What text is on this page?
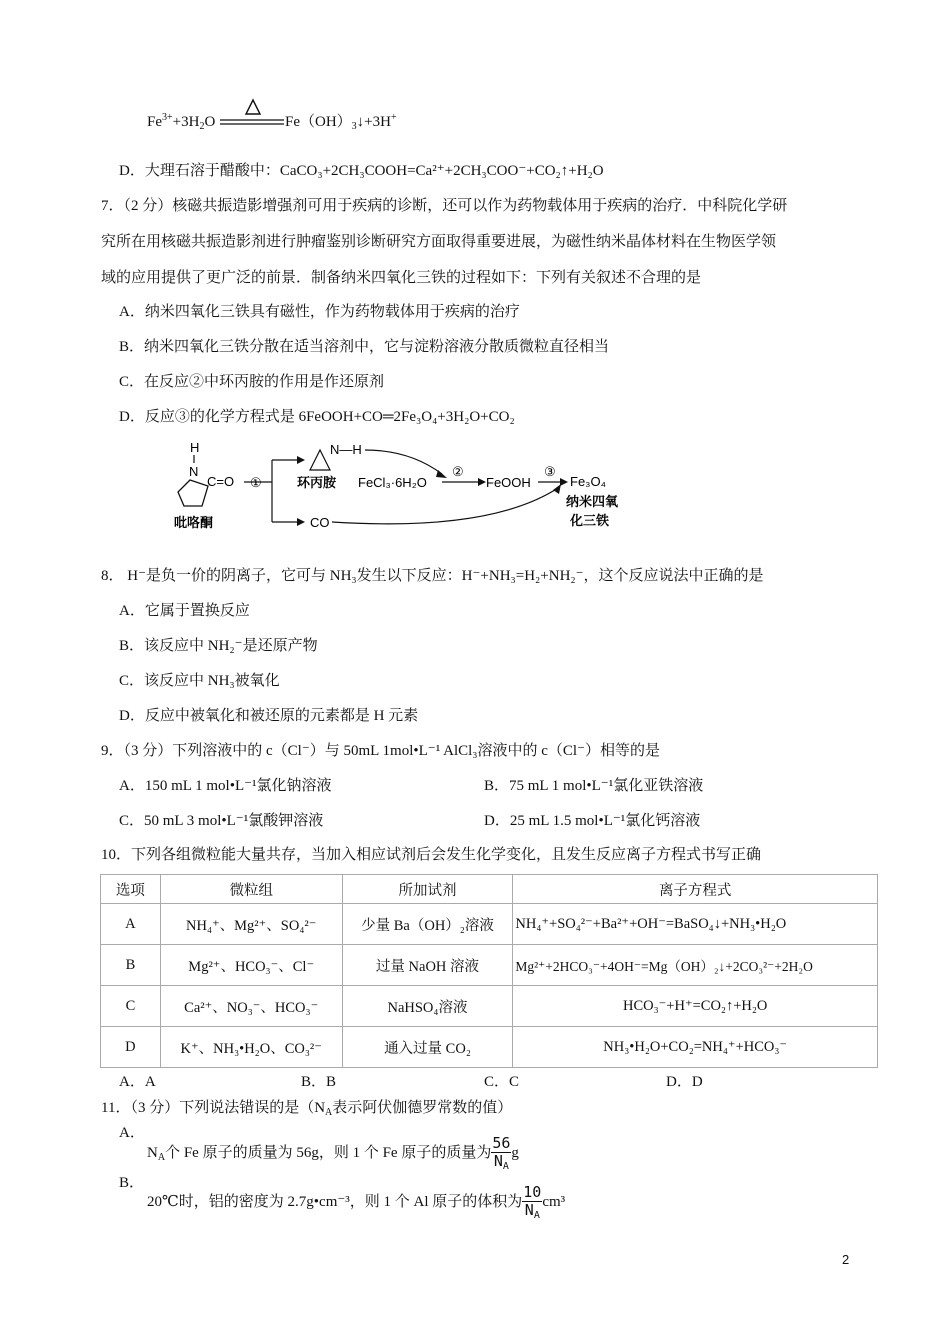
$Fe^{3+}+3H_2O$	$Fe(OH)_3↓+3H^+$
D．大理石溶于醋酸中：CaCO₃+2CH₃COOH=Ca²⁺+2CH₃COO⁻+CO₂↑+H₂O
7．（2 分）核磁共振造影增强剂可用于疾病的诊断，还可以作为药物载体用于疾病的治疗．中科院化学研
究所在用核磁共振造影剂进行肿瘤鉴别诊断研究方面取得重要进展，为磁性纳米晶体材料在生物医学领
域的应用提供了更广泛的前景．制备纳米四氧化三铁的过程如下：下列有关叙述不合理的是
A．纳米四氧化三铁具有磁性，作为药物载体用于疾病的治疗
B．纳米四氧化三铁分散在适当溶剂中，它与淀粉溶液分散质微粒直径相当
C．在反应②中环丙胺的作用是作还原剂
D．反应③的化学方程式是 6FeOOH+CO═2Fe₃O₄+3H₂O+CO₂
H
N
C=O
吡咯酮
①
N—H
环丙胺 FeCl₃·6H₂O
②
FeOOH
③
Fe₃O₄
纳米四氧
化三铁
CO
8． H⁻是负一价的阴离子，它可与 NH₃发生以下反应：H⁻+NH₃=H₂+NH₂⁻，这个反应说法中正确的是
A．它属于置换反应
B．该反应中 NH₂⁻是还原产物
C．该反应中 NH₃被氧化
D．反应中被氧化和被还原的元素都是 H 元素
9．（3 分）下列溶液中的 c（Cl⁻）与 50mL 1mol•L⁻¹ AlCl₃溶液中的 c（Cl⁻）相等的是
A．150 mL 1 mol•L⁻¹氯化钠溶液	B．75 mL 1 mol•L⁻¹氯化亚铁溶液
C．50 mL 3 mol•L⁻¹氯酸钾溶液	D．25 mL 1.5 mol•L⁻¹氯化钙溶液
10．下列各组微粒能大量共存，当加入相应试剂后会发生化学变化，且发生反应离子方程式书写正确
选项	微粒组	所加试剂	离子方程式
A	NH₄⁺、Mg²⁺、SO₄²⁻	少量 Ba（OH）₂溶液	NH₄⁺+SO₄²⁻+Ba²⁺+OH⁻=BaSO₄↓+NH₃•H₂O
B	Mg²⁺、HCO₃⁻、Cl⁻	过量 NaOH 溶液	Mg²⁺+2HCO₃⁻+4OH⁻=Mg（OH）₂↓+2CO₃²⁻+2H₂O
C	Ca²⁺、NO₃⁻、HCO₃⁻	NaHSO₄溶液	HCO₃⁻+H⁺=CO₂↑+H₂O
D	K⁺、NH₃•H₂O、CO₃²⁻	通入过量 CO₂	NH₃•H₂O+CO₂=NH₄⁺+HCO₃⁻
A．A	B．B	C．C	D．D
11．（3 分）下列说法错误的是（$N_A$表示阿伏伽德罗常数的值）
A．
$N_A$个 Fe 原子的质量为 56g，则 1 个 Fe 原子的质量为 $\frac{56}{N_A}$ g
B．
20℃时，铝的密度为 2.7g•cm⁻³，则 1 个 Al 原子的体积为 $\frac{10}{N_A} cm^3$
2
